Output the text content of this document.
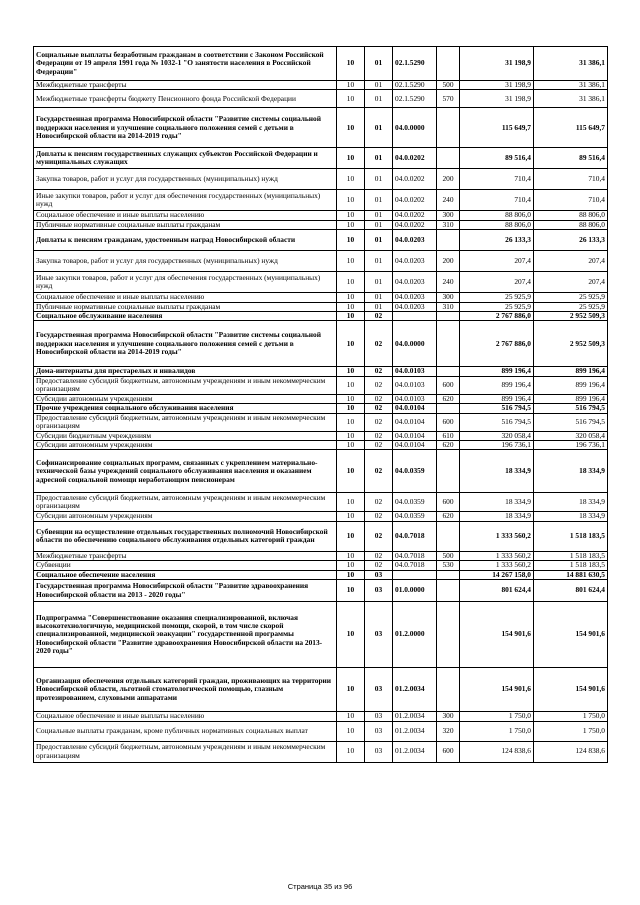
Социальные выплаты безработным гражданам в соответствии с Законом Российской Федерации от 19 апреля 1991 года № 1032-1 "О занятости населения в Российской Федерации"	10	01	02.1.5290		31 198,9	31 386,1
Межбюджетные трансферты	10	01	02.1.5290	500	31 198,9	31 386,1
Межбюджетные трансферты бюджету Пенсионного фонда Российской Федерации	10	01	02.1.5290	570	31 198,9	31 386,1
Государственная программа Новосибирской области "Развитие системы социальной поддержки населения и улучшение социального положения семей с детьми в Новосибирской области на 2014-2019 годы"	10	01	04.0.0000		115 649,7	115 649,7
Доплаты к пенсиям государственных служащих субъектов Российской Федерации и муниципальных служащих	10	01	04.0.0202		89 516,4	89 516,4
Закупка товаров, работ и услуг для государственных (муниципальных) нужд	10	01	04.0.0202	200	710,4	710,4
Иные закупки товаров, работ и услуг для обеспечения государственных (муниципальных) нужд	10	01	04.0.0202	240	710,4	710,4
Социальное обеспечение и иные выплаты населению	10	01	04.0.0202	300	88 806,0	88 806,0
Публичные нормативные социальные выплаты гражданам	10	01	04.0.0202	310	88 806,0	88 806,0
Доплаты к пенсиям гражданам, удостоенным наград Новосибирской области	10	01	04.0.0203		26 133,3	26 133,3
Закупка товаров, работ и услуг для государственных (муниципальных) нужд	10	01	04.0.0203	200	207,4	207,4
Иные закупки товаров, работ и услуг для обеспечения государственных (муниципальных) нужд	10	01	04.0.0203	240	207,4	207,4
Социальное обеспечение и иные выплаты населению	10	01	04.0.0203	300	25 925,9	25 925,9
Публичные нормативные социальные выплаты гражданам	10	01	04.0.0203	310	25 925,9	25 925,9
Социальное обслуживание населения	10	02			2 767 886,0	2 952 509,3
Государственная программа Новосибирской области "Развитие системы социальной поддержки населения и улучшение социального положения семей с детьми в Новосибирской области на 2014-2019 годы"	10	02	04.0.0000		2 767 886,0	2 952 509,3
Дома-интернаты для престарелых и инвалидов	10	02	04.0.0103		899 196,4	899 196,4
Предоставление субсидий бюджетным, автономным учреждениям и иным некоммерческим организациям	10	02	04.0.0103	600	899 196,4	899 196,4
Субсидии автономным учреждениям	10	02	04.0.0103	620	899 196,4	899 196,4
Прочие учреждения социального обслуживания населения	10	02	04.0.0104		516 794,5	516 794,5
Предоставление субсидий бюджетным, автономным учреждениям и иным некоммерческим организациям	10	02	04.0.0104	600	516 794,5	516 794,5
Субсидии бюджетным учреждениям	10	02	04.0.0104	610	320 058,4	320 058,4
Субсидии автономным учреждениям	10	02	04.0.0104	620	196 736,1	196 736,1
Софинансирование социальных программ, связанных с укреплением материально-технической базы учреждений социального обслуживания населения и оказанием адресной социальной помощи неработающим пенсионерам	10	02	04.0.0359		18 334,9	18 334,9
Предоставление субсидий бюджетным, автономным учреждениям и иным некоммерческим организациям	10	02	04.0.0359	600	18 334,9	18 334,9
Субсидии автономным учреждениям	10	02	04.0.0359	620	18 334,9	18 334,9
Субвенции на осуществление отдельных государственных полномочий Новосибирской области по обеспечению социального обслуживания отдельных категорий граждан	10	02	04.0.7018		1 333 560,2	1 518 183,5
Межбюджетные трансферты	10	02	04.0.7018	500	1 333 560,2	1 518 183,5
Субвенции	10	02	04.0.7018	530	1 333 560,2	1 518 183,5
Социальное обеспечение населения	10	03			14 267 158,0	14 881 630,5
Государственная программа Новосибирской области "Развитие здравоохранения Новосибирской области на 2013 - 2020 годы"	10	03	01.0.0000		801 624,4	801 624,4
Подпрограмма "Совершенствование оказания специализированной, включая высокотехнологичную, медицинской помощи, скорой, в том числе скорой специализированной, медицинской эвакуации" государственной программы Новосибирской области "Развитие здравоохранения Новосибирской области на 2013-2020 годы"	10	03	01.2.0000		154 901,6	154 901,6
Организация обеспечения отдельных категорий граждан, проживающих на территории Новосибирской области, льготной стоматологической помощью, глазным протезированием, слуховыми аппаратами	10	03	01.2.0034		154 901,6	154 901,6
Социальное обеспечение и иные выплаты населению	10	03	01.2.0034	300	1 750,0	1 750,0
Социальные выплаты гражданам, кроме публичных нормативных социальных выплат	10	03	01.2.0034	320	1 750,0	1 750,0
Предоставление субсидий бюджетным, автономным учреждениям и иным некоммерческим организациям	10	03	01.2.0034	600	124 838,6	124 838,6
Страница 35 из 96
